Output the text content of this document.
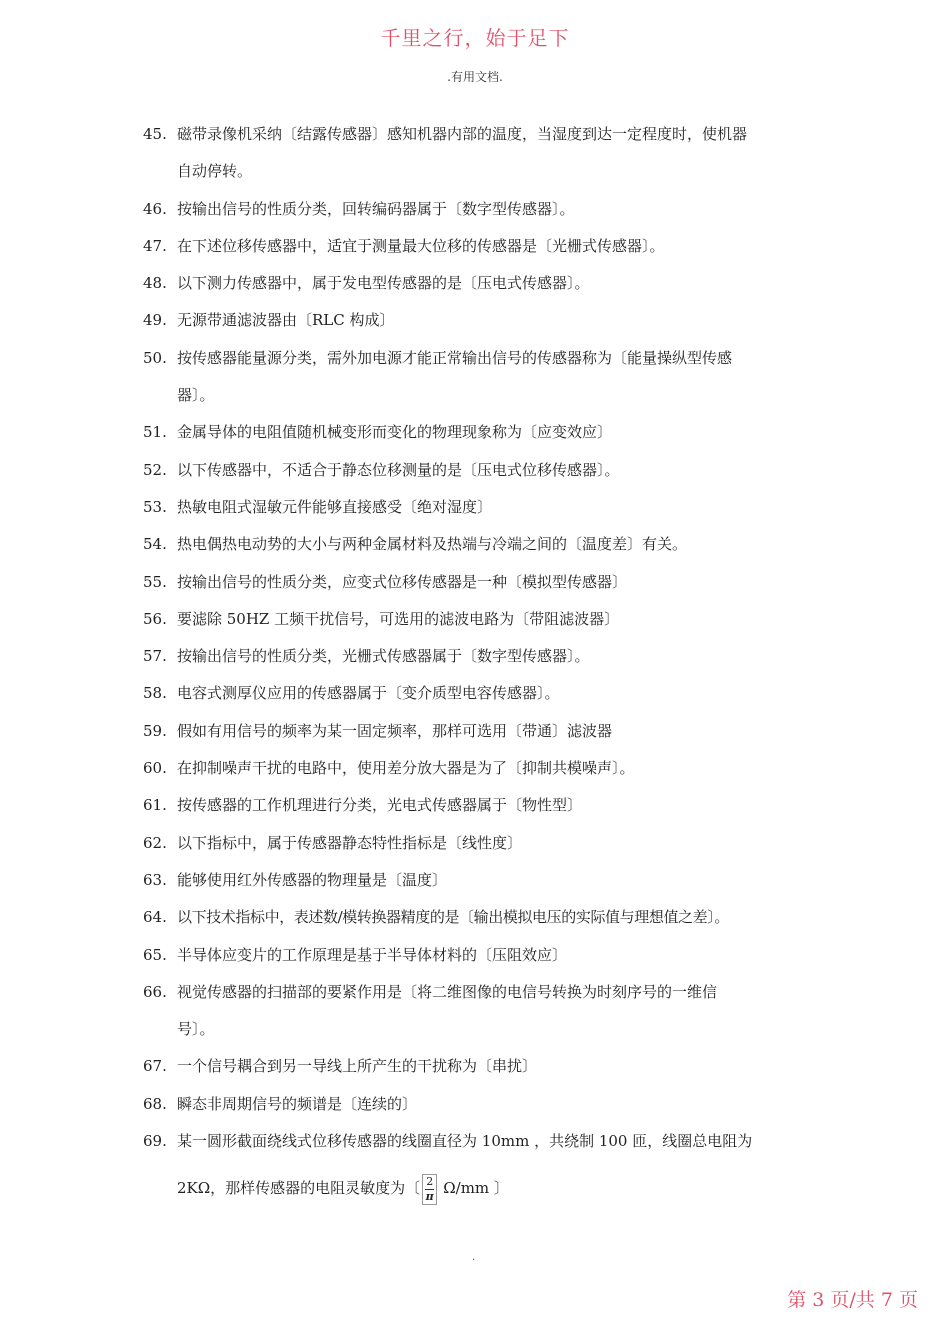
千里之行，始于足下
.有用文档.
45. 磁带录像机采纳〔结露传感器〕感知机器内部的温度，当湿度到达一定程度时，使机器
自动停转。
46. 按输出信号的性质分类，回转编码器属于〔数字型传感器〕。
47. 在下述位移传感器中，适宜于测量最大位移的传感器是〔光栅式传感器〕。
48. 以下测力传感器中，属于发电型传感器的是〔压电式传感器〕。
49. 无源带通滤波器由〔RLC 构成〕
50. 按传感器能量源分类，需外加电源才能正常输出信号的传感器称为〔能量操纵型传感
器〕。
51. 金属导体的电阻值随机械变形而变化的物理现象称为〔应变效应〕
52. 以下传感器中，不适合于静态位移测量的是〔压电式位移传感器〕。
53. 热敏电阻式湿敏元件能够直接感受〔绝对湿度〕
54. 热电偶热电动势的大小与两种金属材料及热端与冷端之间的〔温度差〕有关。
55. 按输出信号的性质分类，应变式位移传感器是一种〔模拟型传感器〕
56. 要滤除 50HZ 工频干扰信号，可选用的滤波电路为〔带阻滤波器〕
57. 按输出信号的性质分类，光栅式传感器属于〔数字型传感器〕。
58. 电容式测厚仪应用的传感器属于〔变介质型电容传感器〕。
59. 假如有用信号的频率为某一固定频率，那样可选用〔带通〕滤波器
60. 在抑制噪声干扰的电路中，使用差分放大器是为了〔抑制共模噪声〕。
61. 按传感器的工作机理进行分类，光电式传感器属于〔物性型〕
62. 以下指标中，属于传感器静态特性指标是〔线性度〕
63. 能够使用红外传感器的物理量是〔温度〕
64. 以下技术指标中，表述数/模转换器精度的是〔输出模拟电压的实际值与理想值之差〕。
65. 半导体应变片的工作原理是基于半导体材料的〔压阻效应〕
66. 视觉传感器的扫描部的要紧作用是〔将二维图像的电信号转换为时刻序号的一维信
号〕。
67. 一个信号耦合到另一导线上所产生的干扰称为〔串扰〕
68. 瞬态非周期信号的频谱是〔连续的〕
69. 某一圆形截面绕线式位移传感器的线圈直径为 10mm ，共绕制 100 匝，线圈总电阻为
2KΩ，那样传感器的电阻灵敏度为〔 $\frac{2}{\pi} \Omega/mm$ 〕
.
第 3 页/共 7 页
